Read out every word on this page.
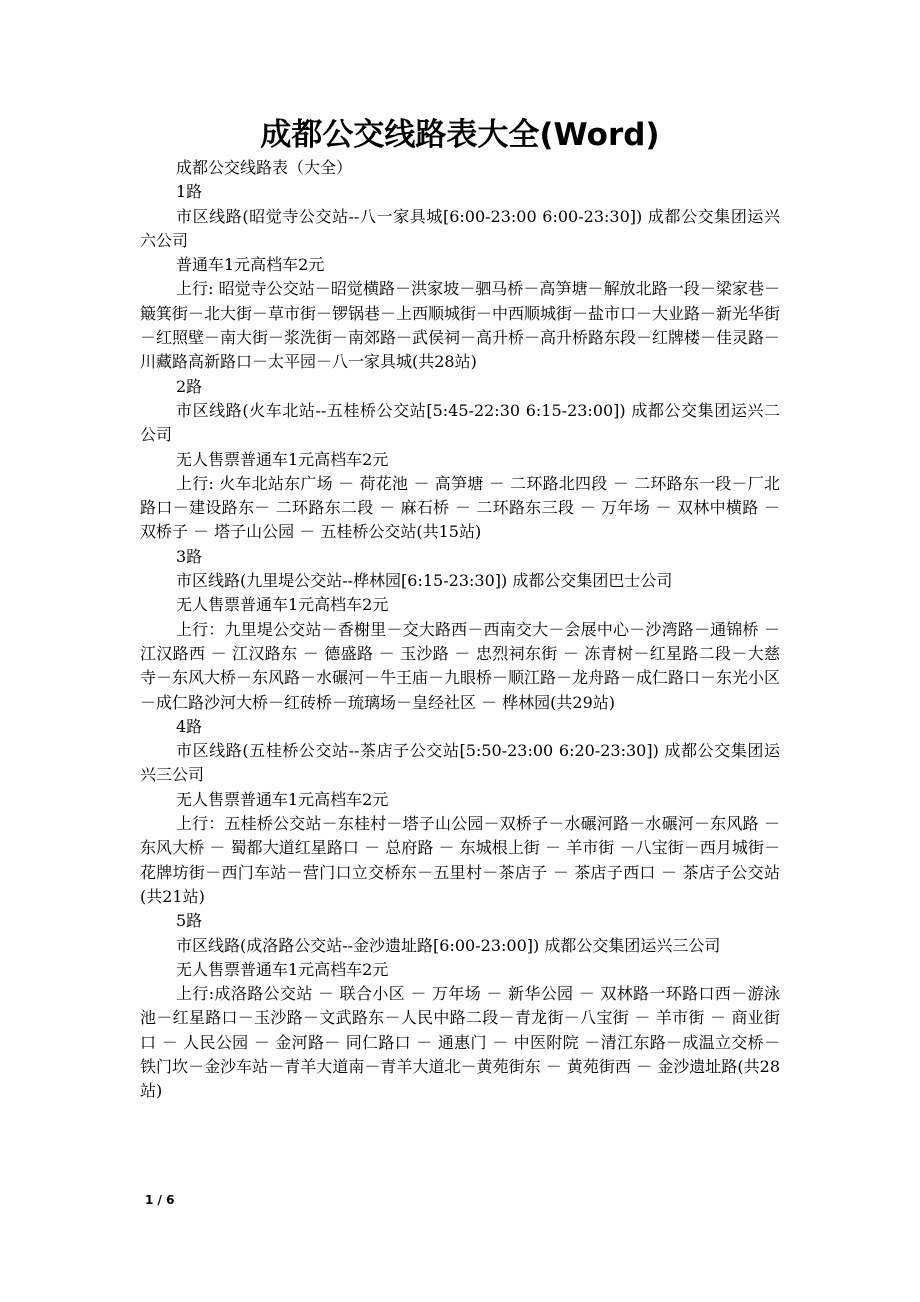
成都公交线路表大全(Word)

成都公交线路表（大全）

1路

市区线路(昭觉寺公交站--八一家具城[6:00-23:00 6:00-23:30]) 成都公交集团运兴六公司

普通车1元高档车2元

上行: 昭觉寺公交站－昭觉横路－洪家坡－驷马桥－高笋塘－解放北路一段－梁家巷－簸箕街－北大街－草市街－锣锅巷－上西顺城街－中西顺城街－盐市口－大业路－新光华街－红照壁－南大街－浆洗街－南郊路－武侯祠－高升桥－高升桥路东段－红牌楼－佳灵路－川藏路高新路口－太平园－八一家具城(共28站)

2路

市区线路(火车北站--五桂桥公交站[5:45-22:30 6:15-23:00]) 成都公交集团运兴二公司

无人售票普通车1元高档车2元

上行: 火车北站东广场 － 荷花池 － 高笋塘 － 二环路北四段 － 二环路东一段－厂北路口－建设路东－ 二环路东二段 － 麻石桥 － 二环路东三段 － 万年场 － 双林中横路 － 双桥子 － 塔子山公园 － 五桂桥公交站(共15站)

3路

市区线路(九里堤公交站--桦林园[6:15-23:30]) 成都公交集团巴士公司

无人售票普通车1元高档车2元

上行：九里堤公交站－香榭里－交大路西－西南交大－会展中心－沙湾路－通锦桥 － 江汉路西 － 江汉路东 － 德盛路 － 玉沙路 － 忠烈祠东街 － 冻青树－红星路二段－大慈寺－东风大桥－东风路－水碾河－牛王庙－九眼桥－顺江路－龙舟路－成仁路口－东光小区－成仁路沙河大桥－红砖桥－琉璃场－皇经社区 － 桦林园(共29站)

4路

市区线路(五桂桥公交站--茶店子公交站[5:50-23:00 6:20-23:30]) 成都公交集团运兴三公司

无人售票普通车1元高档车2元

上行：五桂桥公交站－东桂村－塔子山公园－双桥子－水碾河路－水碾河－东风路 － 东风大桥 － 蜀都大道红星路口 － 总府路 － 东城根上街 － 羊市街 －八宝街－西月城街－花牌坊街－西门车站－营门口立交桥东－五里村－茶店子 － 茶店子西口 － 茶店子公交站(共21站)

5路

市区线路(成洛路公交站--金沙遗址路[6:00-23:00]) 成都公交集团运兴三公司

无人售票普通车1元高档车2元

上行:成洛路公交站 － 联合小区 － 万年场 － 新华公园 － 双林路一环路口西－游泳池－红星路口－玉沙路－文武路东－人民中路二段－青龙街－八宝街 － 羊市街 － 商业街口 － 人民公园 － 金河路－ 同仁路口 － 通惠门 － 中医附院 －清江东路－成温立交桥－铁门坎－金沙车站－青羊大道南－青羊大道北－黄苑街东 － 黄苑街西 － 金沙遗址路(共28站)

1 / 6
